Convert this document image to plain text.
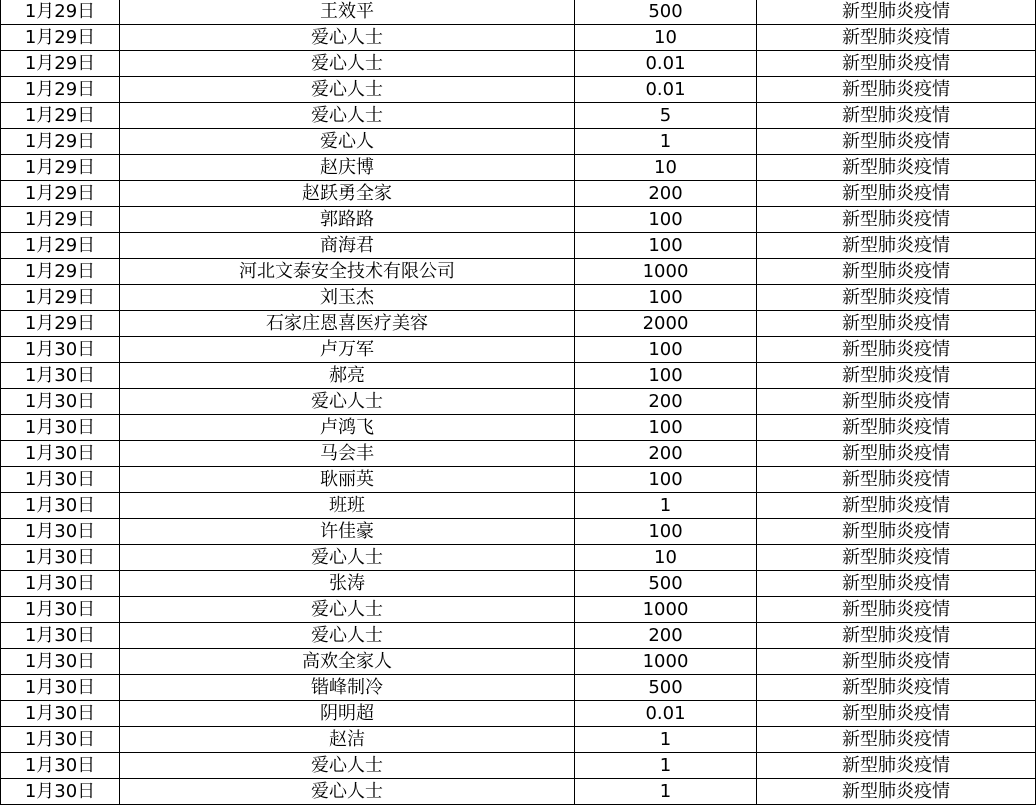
1月29日	王效平	500	新型肺炎疫情
1月29日	爱心人士	10	新型肺炎疫情
1月29日	爱心人士	0.01	新型肺炎疫情
1月29日	爱心人士	0.01	新型肺炎疫情
1月29日	爱心人士	5	新型肺炎疫情
1月29日	爱心人	1	新型肺炎疫情
1月29日	赵庆博	10	新型肺炎疫情
1月29日	赵跃勇全家	200	新型肺炎疫情
1月29日	郭路路	100	新型肺炎疫情
1月29日	商海君	100	新型肺炎疫情
1月29日	河北文泰安全技术有限公司	1000	新型肺炎疫情
1月29日	刘玉杰	100	新型肺炎疫情
1月29日	石家庄恩喜医疗美容	2000	新型肺炎疫情
1月30日	卢万军	100	新型肺炎疫情
1月30日	郝亮	100	新型肺炎疫情
1月30日	爱心人士	200	新型肺炎疫情
1月30日	卢鸿飞	100	新型肺炎疫情
1月30日	马会丰	200	新型肺炎疫情
1月30日	耿丽英	100	新型肺炎疫情
1月30日	班班	1	新型肺炎疫情
1月30日	许佳豪	100	新型肺炎疫情
1月30日	爱心人士	10	新型肺炎疫情
1月30日	张涛	500	新型肺炎疫情
1月30日	爱心人士	1000	新型肺炎疫情
1月30日	爱心人士	200	新型肺炎疫情
1月30日	高欢全家人	1000	新型肺炎疫情
1月30日	锴峰制冷	500	新型肺炎疫情
1月30日	阴明超	0.01	新型肺炎疫情
1月30日	赵洁	1	新型肺炎疫情
1月30日	爱心人士	1	新型肺炎疫情
1月30日	爱心人士	1	新型肺炎疫情
